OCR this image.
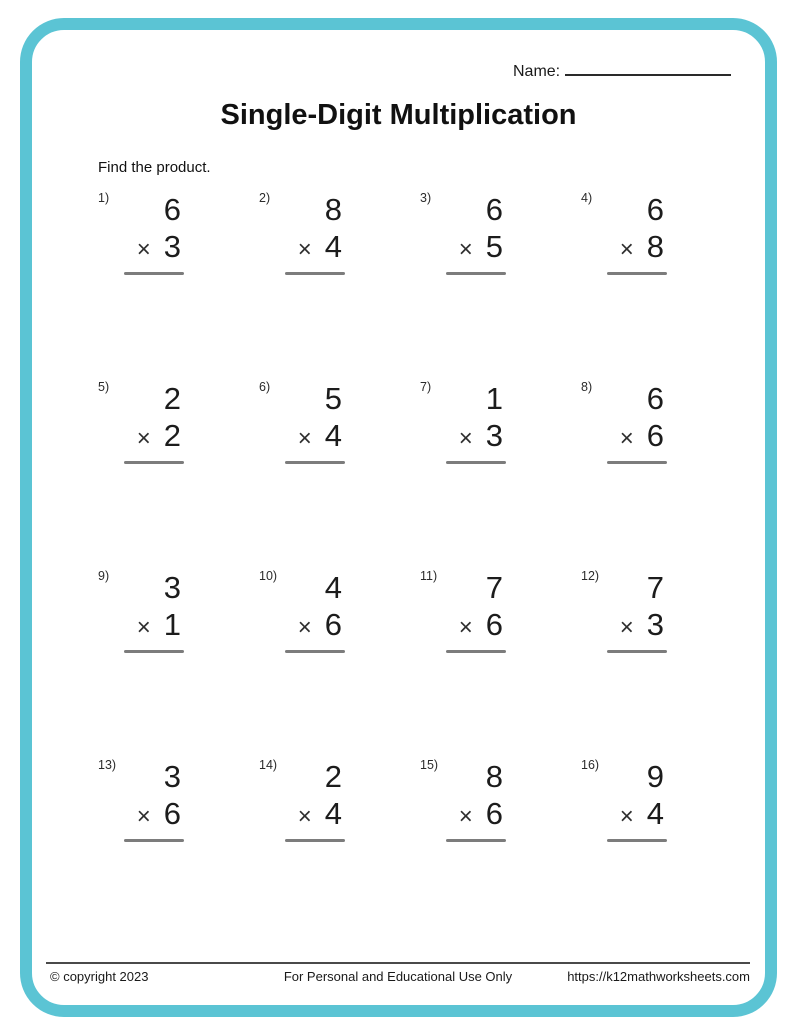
Name:
Single-Digit Multiplication
Find the product.
1)	6
× 3
2)	8
× 4
3)	6
× 5
4)	6
× 8
5)	2
× 2
6)	5
× 4
7)	1
× 3
8)	6
× 6
9)	3
× 1
10)	4
× 6
11)	7
× 6
12)	7
× 3
13)	3
× 6
14)	2
× 4
15)	8
× 6
16)	9
× 4
© copyright 2023	For Personal and Educational Use Only	https://k12mathworksheets.com
